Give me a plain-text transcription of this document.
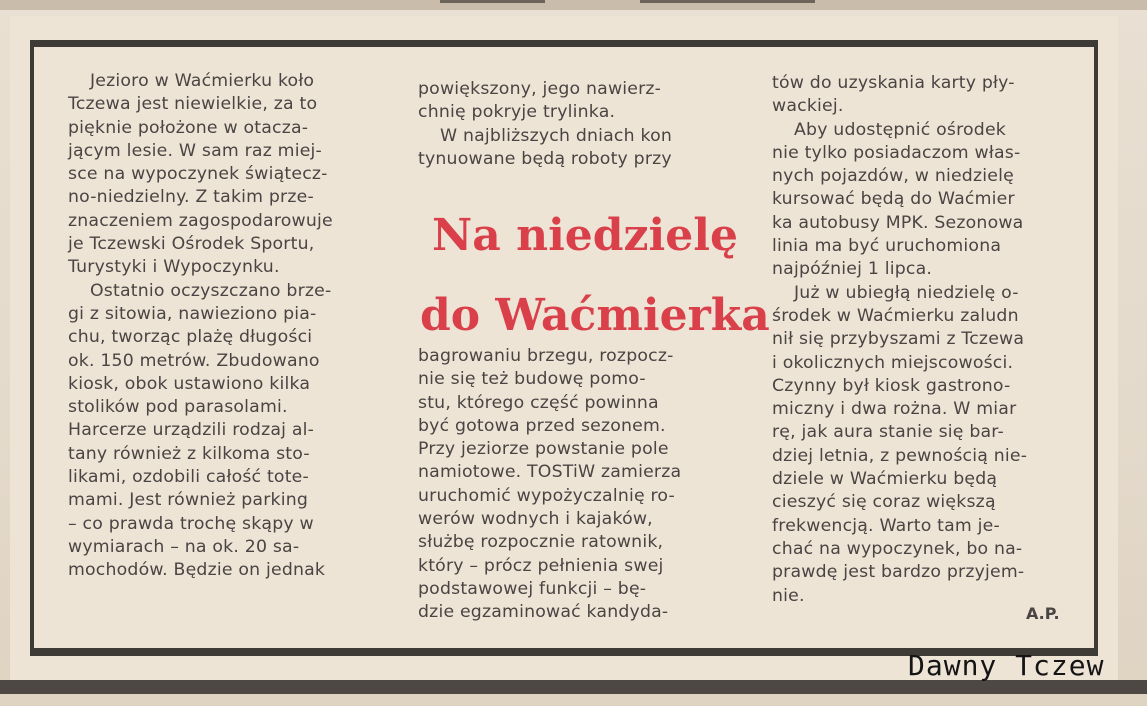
Jezioro w Waćmierku koło

Tczewa jest niewielkie, za to

pięknie położone w otacza-

jącym lesie. W sam raz miej-

sce na wypoczynek świątecz-

no-niedzielny. Z takim prze-

znaczeniem zagospodarowuje

je Tczewski Ośrodek Sportu,

Turystyki i Wypoczynku.

Ostatnio oczyszczano brze-

gi z sitowia, nawieziono pia-

chu, tworząc plażę długości

ok. 150 metrów. Zbudowano

kiosk, obok ustawiono kilka

stolików pod parasolami.

Harcerze urządzili rodzaj al-

tany również z kilkoma sto-

likami, ozdobili całość tote-

mami. Jest również parking

– co prawda trochę skąpy w

wymiarach – na ok. 20 sa-

mochodów. Będzie on jednak

powiększony, jego nawierz-

chnię pokryje trylinka.

W najbliższych dniach kon

tynuowane będą roboty przy

Na niedzielę
do Waćmierka

bagrowaniu brzegu, rozpocz-

nie się też budowę pomo-

stu, którego część powinna

być gotowa przed sezonem.

Przy jeziorze powstanie pole

namiotowe. TOSTiW zamierza

uruchomić wypożyczalnię ro-

werów wodnych i kajaków,

służbę rozpocznie ratownik,

który – prócz pełnienia swej

podstawowej funkcji – bę-

dzie egzaminować kandyda-

tów do uzyskania karty pły-

wackiej.

Aby udostępnić ośrodek

nie tylko posiadaczom włas-

nych pojazdów, w niedzielę

kursować będą do Waćmier

ka autobusy MPK. Sezonowa

linia ma być uruchomiona

najpóźniej 1 lipca.

Już w ubiegłą niedzielę o-

środek w Waćmierku zaludn

nił się przybyszami z Tczewa

i okolicznych miejscowości.

Czynny był kiosk gastrono-

miczny i dwa rożna. W miar

rę, jak aura stanie się bar-

dziej letnia, z pewnością nie-

dziele w Waćmierku będą

cieszyć się coraz większą

frekwencją. Warto tam je-

chać na wypoczynek, bo na-

prawdę jest bardzo przyjem-

nie.

A.P.
Dawny Tczew
